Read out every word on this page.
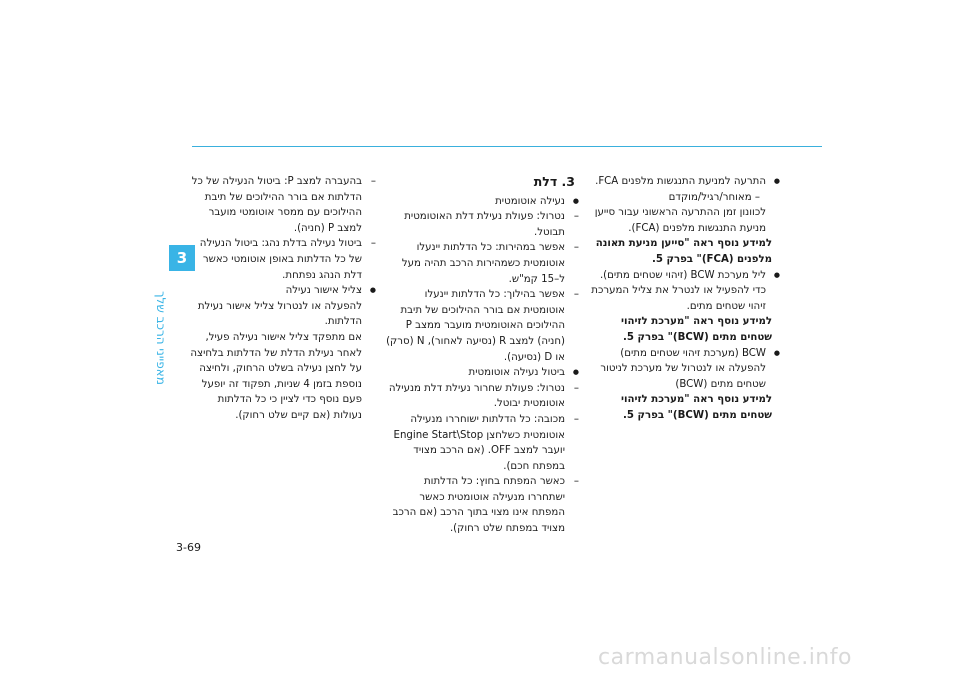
3
מאפייני הרכב שלך

● התרעה למניעת התנגשות מלפנים FCA.

– מאוחר/רגיל/מוקדם

לכוונון זמן ההתרעה הראשוני עבור סייען

מניעת התנגשות מלפנים (FCA).

למידע נוסף ראה "סייען מניעת תאונה מלפנים (FCA)" בפרק 5.

● ליל מערכת BCW (זיהוי שטחים מתים).

כדי להפעיל או לנטרל את צליל המערכת זיהוי שטחים מתים.

למידע נוסף ראה "מערכת לזיהוי שטחים מתים (BCW)" בפרק 5.

● BCW (מערכת זיהוי שטחים מתים)

להפעלה או לנטרול של מערכת לניטור שטחים מתים (BCW)

למידע נוסף ראה "מערכת לזיהוי שטחים מתים (BCW)" בפרק 5.

3. דלת

● נעילה אוטומטית

– נטרול: פעולת נעילת דלת האוטומטית תבוטל.

– אפשר במהירות: כל הדלתות יינעלו אוטומטית כשמהירות הרכב תהיה מעל ל–15 קמ"ש.

– אפשר בהילוך: כל הדלתות יינעלו אוטומטית אם בורר ההילוכים של תיבת ההילוכים האוטומטית מועבר ממצב P (חניה) למצב R (נסיעה לאחור), N (סרק) או D (נסיעה).

● ביטול נעילה אוטומטית

– נטרול: פעולת שחרור נעילת דלת מנעילה אוטומטית יבוטל.

– מכובה: כל הדלתות ישוחררו מנעילה אוטומטית כשלחצן Engine Start\Stop יועבר למצב OFF. (אם הרכב מצויד במפתח חכם).

– כאשר המפתח בחוץ: כל הדלתות ישתחררו מנעילה אוטומטית כאשר המפתח אינו מצוי בתוך הרכב (אם הרכב מצויד במפתח שלט רחוק).

– בהעברה למצב P: ביטול הנעילה של כל הדלתות אם בורר ההילוכים של תיבת ההילוכים עם ממסר אוטומטי מועבר למצב P (חניה).

– ביטול נעילה בדלת נהג: ביטול הנעילה של כל הדלתות באופן אוטומטי כאשר דלת הנהג נפתחת.

● צליל אישור נעילה

להפעלה או לנטרול צליל אישור נעילת הדלתות.

אם מתפקד צליל אישור נעילה פעיל, לאחר נעילת הדלת של הדלתות בלחיצה על לחצן נעילה בשלט הרחוק, ולחיצה נוספת בזמן 4 שניות, תפקוד זה יופעל פעם נוסף כדי לציין כי כל הדלתות נעולות (אם קיים שלט רחוק).

3-69
carmanualsonline.info
